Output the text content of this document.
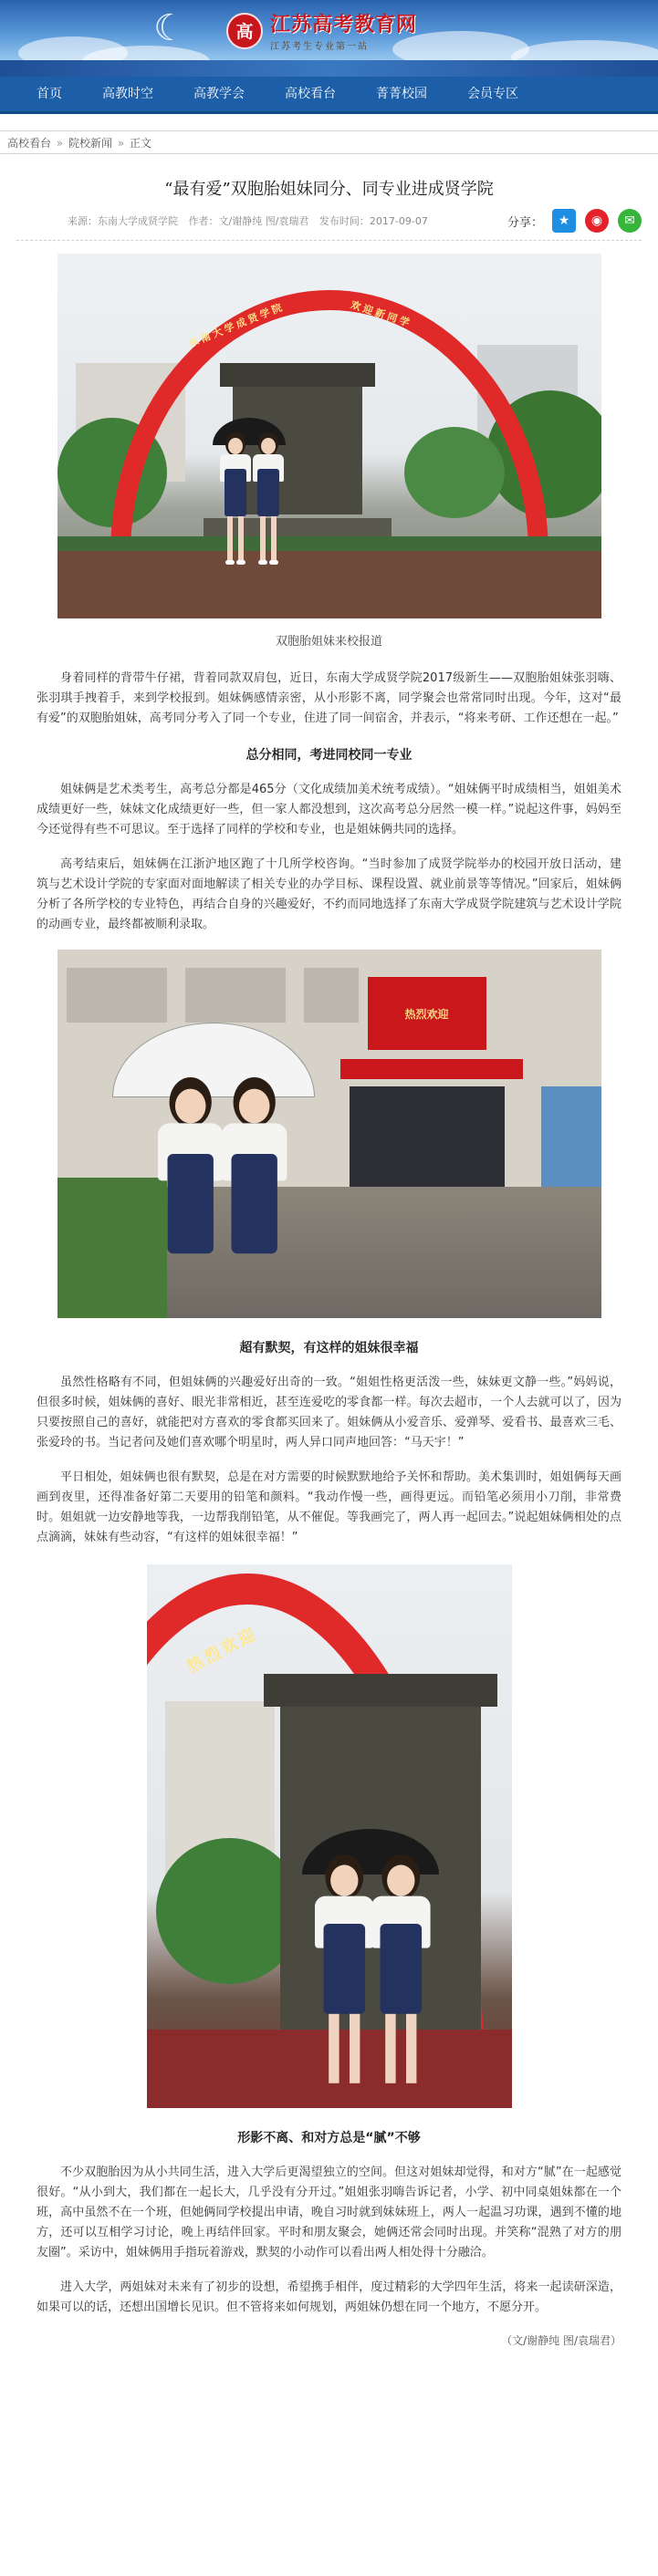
☾	高 江苏高考教育网
江苏考生专业第一站
首页	高教时空	高教学会	高校看台	菁菁校园	会员专区
高校看台 » 院校新闻 » 正文
“最有爱”双胞胎姐妹同分、同专业进成贤学院
来源：东南大学成贤学院 作者：文/谢静纯 图/袁瑞君 发布时间：2017-09-07	分享：	★	◉	✉
东南大学成贤学院	欢迎新同学
双胞胎姐妹来校报道

身着同样的背带牛仔裙，背着同款双肩包，近日，东南大学成贤学院2017级新生——双胞胎姐妹张羽嗨、张羽琪手拽着手，来到学校报到。姐妹俩感情亲密，从小形影不离，同学聚会也常常同时出现。今年，这对“最有爱”的双胞胎姐妹，高考同分考入了同一个专业，住进了同一间宿舍，并表示，“将来考研、工作还想在一起。”

总分相同，考进同校同一专业

姐妹俩是艺术类考生，高考总分都是465分（文化成绩加美术统考成绩）。“姐妹俩平时成绩相当，姐姐美术成绩更好一些，妹妹文化成绩更好一些，但一家人都没想到，这次高考总分居然一模一样。”说起这件事，妈妈至今还觉得有些不可思议。至于选择了同样的学校和专业，也是姐妹俩共同的选择。

高考结束后，姐妹俩在江浙沪地区跑了十几所学校咨询。“当时参加了成贤学院举办的校园开放日活动，建筑与艺术设计学院的专家面对面地解读了相关专业的办学目标、课程设置、就业前景等等情况。”回家后，姐妹俩分析了各所学校的专业特色，再结合自身的兴趣爱好，不约而同地选择了东南大学成贤学院建筑与艺术设计学院的动画专业，最终都被顺利录取。

热烈欢迎
超有默契，有这样的姐妹很幸福

虽然性格略有不同，但姐妹俩的兴趣爱好出奇的一致。“姐姐性格更活泼一些，妹妹更文静一些。”妈妈说，但很多时候，姐妹俩的喜好、眼光非常相近，甚至连爱吃的零食都一样。每次去超市，一个人去就可以了，因为只要按照自己的喜好，就能把对方喜欢的零食都买回来了。姐妹俩从小爱音乐、爱弹琴、爱看书、最喜欢三毛、张爱玲的书。当记者问及她们喜欢哪个明星时，两人异口同声地回答：“马天宇！”

平日相处，姐妹俩也很有默契，总是在对方需要的时候默默地给予关怀和帮助。美术集训时，姐姐俩每天画画到夜里，还得准备好第二天要用的铅笔和颜料。“我动作慢一些，画得更远。而铅笔必须用小刀削，非常费时。姐姐就一边安静地等我，一边帮我削铅笔，从不催促。等我画完了，两人再一起回去。”说起姐妹俩相处的点点滴滴，妹妹有些动容，“有这样的姐妹很幸福！”

热烈欢迎
形影不离、和对方总是“腻”不够

不少双胞胎因为从小共同生活，进入大学后更渴望独立的空间。但这对姐妹却觉得，和对方“腻”在一起感觉很好。“从小到大，我们都在一起长大，几乎没有分开过。”姐姐张羽嗨告诉记者，小学、初中同桌姐妹都在一个班，高中虽然不在一个班，但她俩同学校提出申请，晚自习时就到妹妹班上，两人一起温习功课，遇到不懂的地方，还可以互相学习讨论，晚上再结伴回家。平时和朋友聚会，她俩还常会同时出现。并笑称“混熟了对方的朋友圈”。采访中，姐妹俩用手指玩着游戏，默契的小动作可以看出两人相处得十分融洽。

进入大学，两姐妹对未来有了初步的设想，希望携手相伴，度过精彩的大学四年生活，将来一起读研深造，如果可以的话，还想出国增长见识。但不管将来如何规划，两姐妹仍想在同一个地方，不愿分开。

（文/谢静纯 图/袁瑞君）
